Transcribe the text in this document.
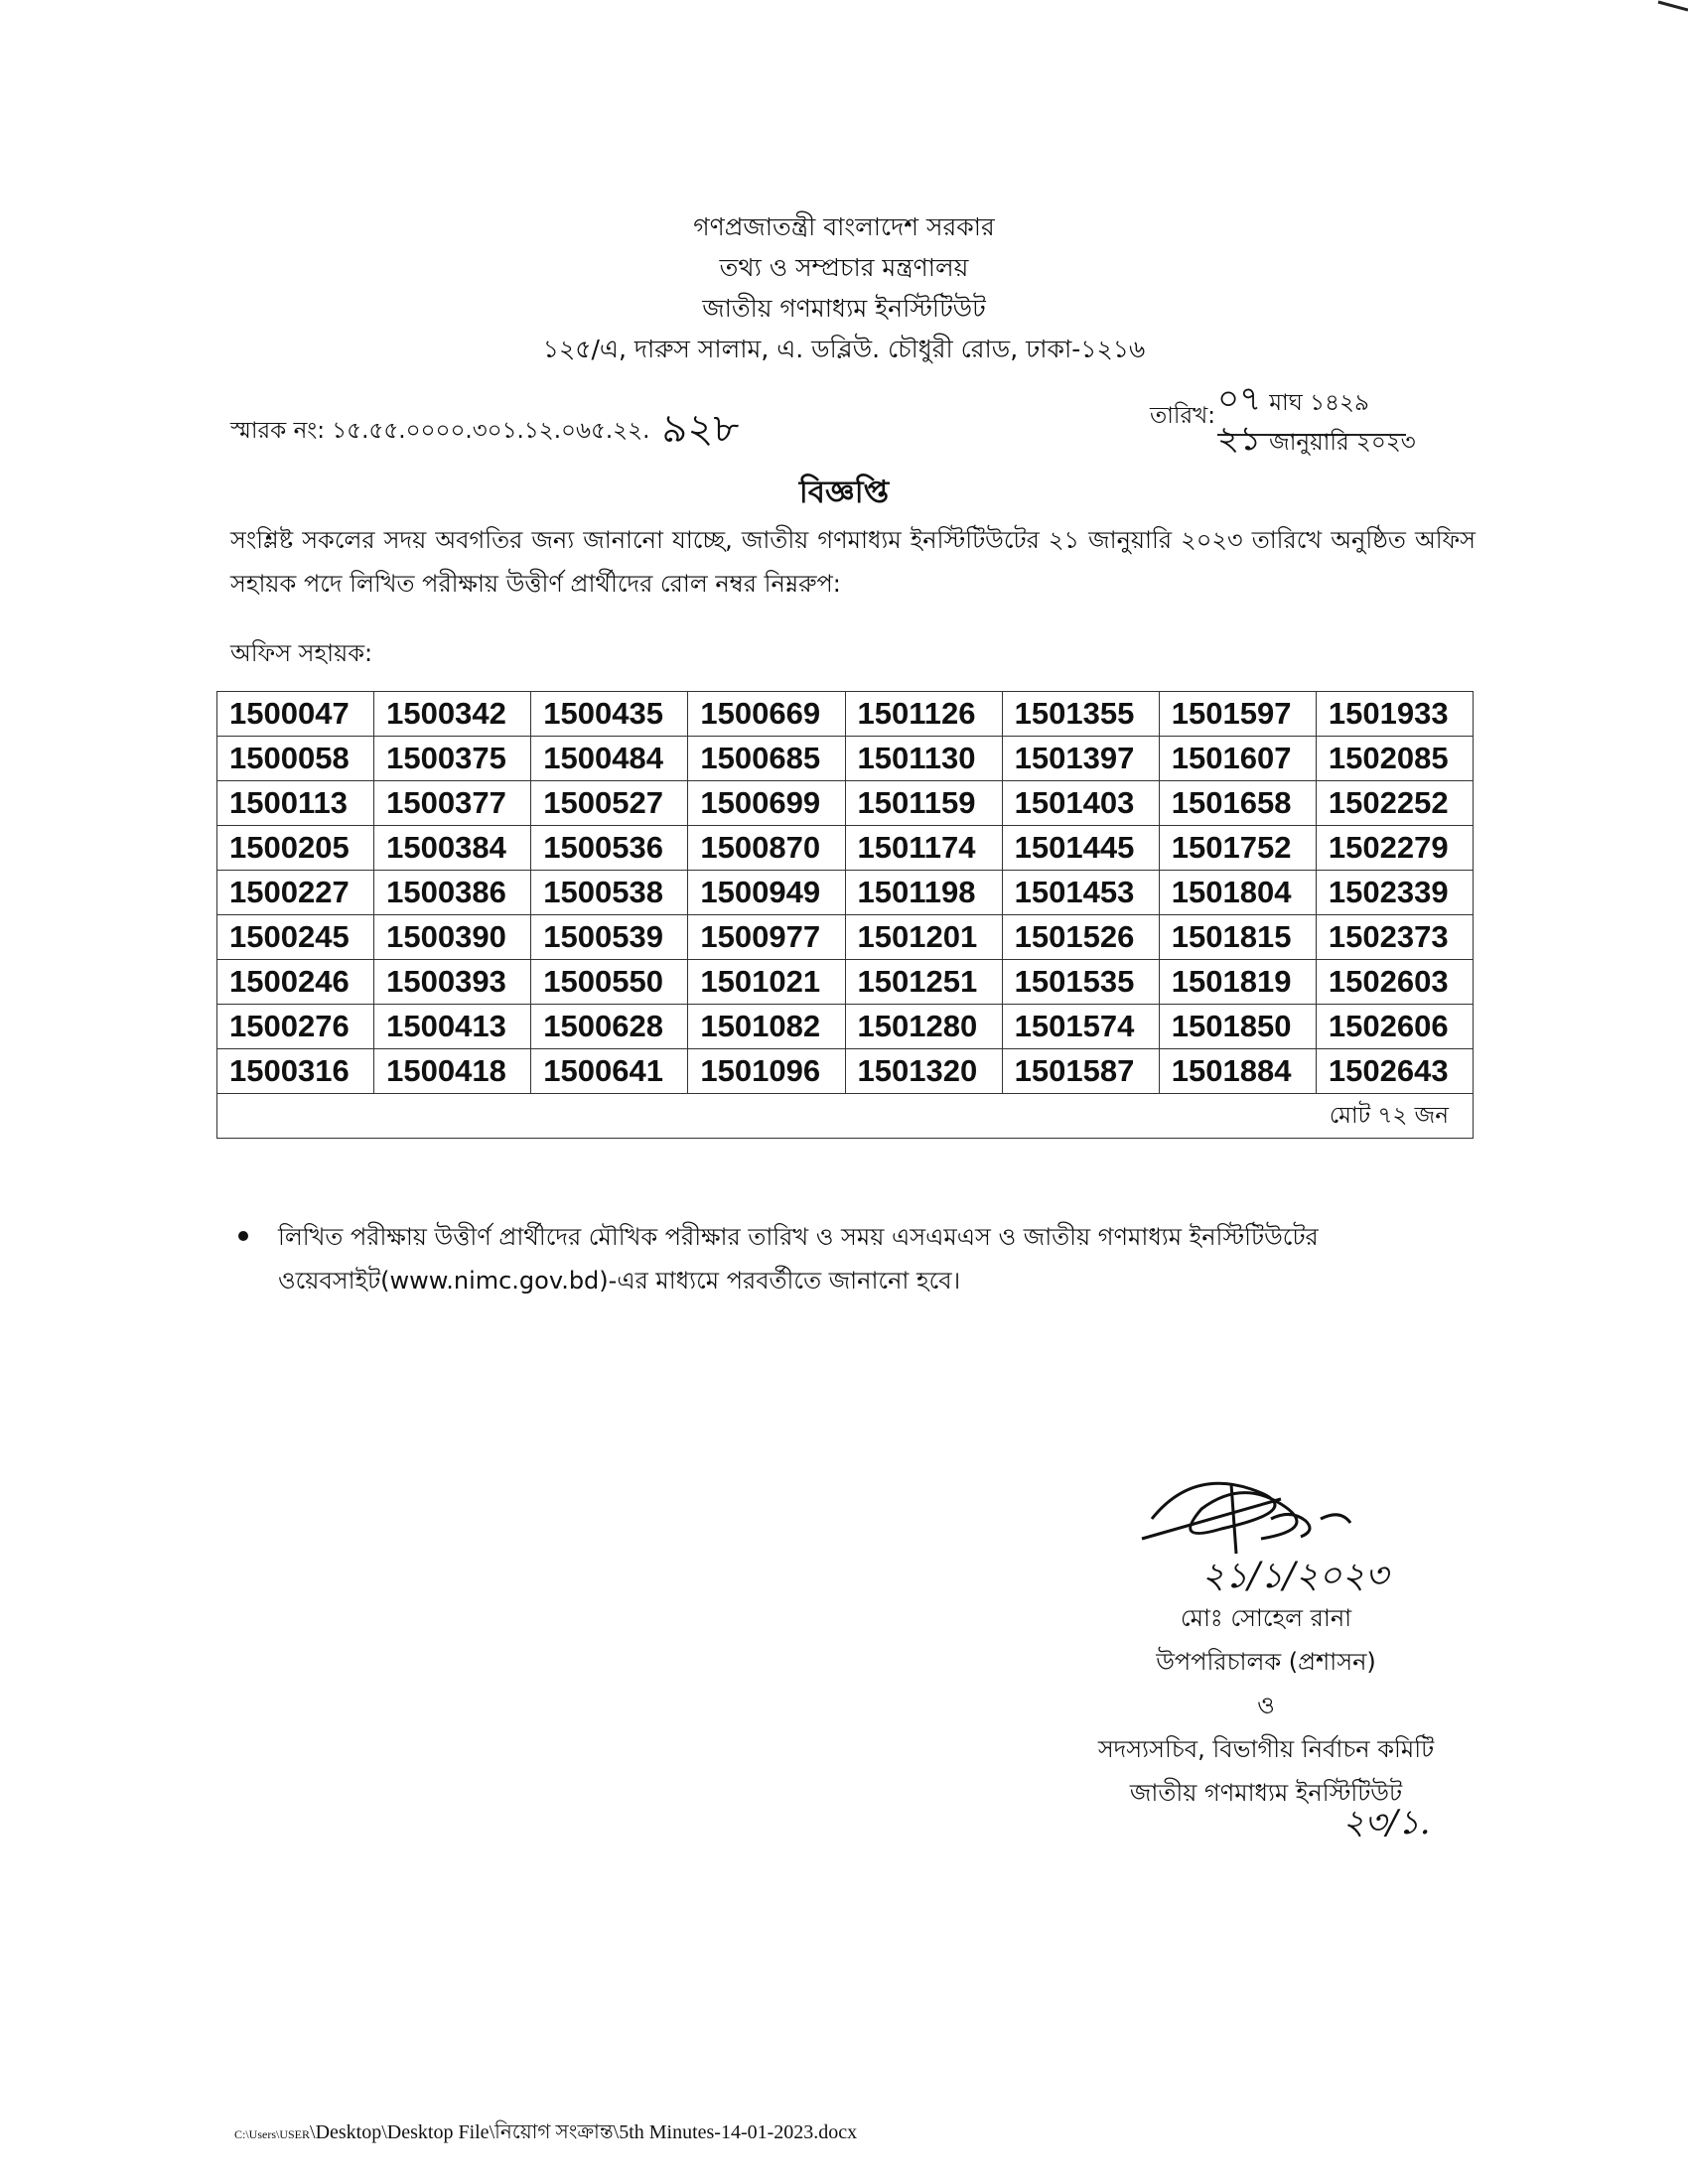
গণপ্রজাতন্ত্রী বাংলাদেশ সরকার
তথ্য ও সম্প্রচার মন্ত্রণালয়
জাতীয় গণমাধ্যম ইনস্টিটিউট
১২৫/এ, দারুস সালাম, এ. ডব্লিউ. চৌধুরী রোড, ঢাকা-১২১৬
স্মারক নং: ১৫.৫৫.০০০০.৩০১.১২.০৬৫.২২. ৯২৮	তারিখ: ০৭ মাঘ ১৪২৯
২১ জানুয়ারি ২০২৩
বিজ্ঞপ্তি
সংশ্লিষ্ট সকলের সদয় অবগতির জন্য জানানো যাচ্ছে, জাতীয় গণমাধ্যম ইনস্টিটিউটের ২১ জানুয়ারি ২০২৩ তারিখে অনুষ্ঠিত অফিস সহায়ক পদে লিখিত পরীক্ষায় উত্তীর্ণ প্রার্থীদের রোল নম্বর নিম্নরুপ:
অফিস সহায়ক:
1500047	1500342	1500435	1500669	1501126	1501355	1501597	1501933
1500058	1500375	1500484	1500685	1501130	1501397	1501607	1502085
1500113	1500377	1500527	1500699	1501159	1501403	1501658	1502252
1500205	1500384	1500536	1500870	1501174	1501445	1501752	1502279
1500227	1500386	1500538	1500949	1501198	1501453	1501804	1502339
1500245	1500390	1500539	1500977	1501201	1501526	1501815	1502373
1500246	1500393	1500550	1501021	1501251	1501535	1501819	1502603
1500276	1500413	1500628	1501082	1501280	1501574	1501850	1502606
1500316	1500418	1500641	1501096	1501320	1501587	1501884	1502643
মোট ৭২ জন							
লিখিত পরীক্ষায় উত্তীর্ণ প্রার্থীদের মৌখিক পরীক্ষার তারিখ ও সময় এসএমএস ও জাতীয় গণমাধ্যম ইনস্টিটিউটের ওয়েবসাইট(www.nimc.gov.bd)-এর মাধ্যমে পরবর্তীতে জানানো হবে।
২১/১/২০২৩
মোঃ সোহেল রানা
উপপরিচালক (প্রশাসন)
ও
সদস্যসচিব, বিভাগীয় নির্বাচন কমিটি
জাতীয় গণমাধ্যম ইনস্টিটিউট
২৩/১.
C:\Users\USER\Desktop\Desktop File\নিয়োগ সংক্রান্ত\5th Minutes-14-01-2023.docx
